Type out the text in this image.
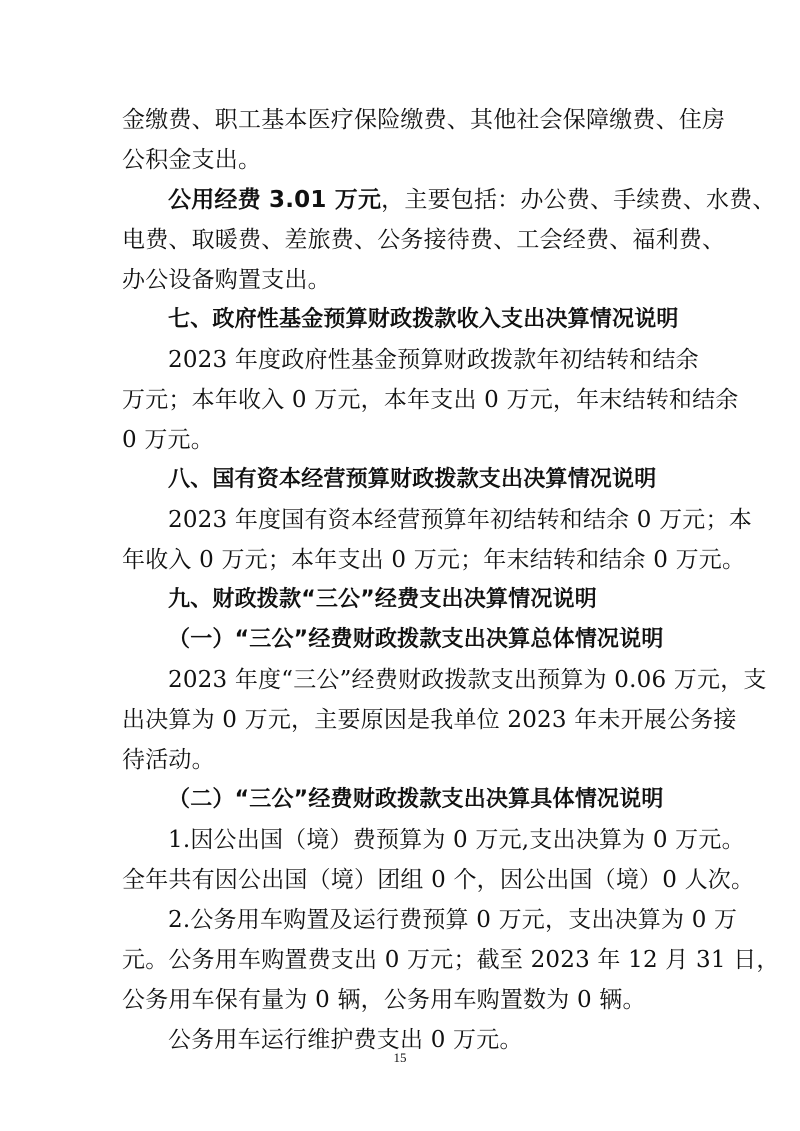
金缴费、职工基本医疗保险缴费、其他社会保障缴费、住房
公积金支出。
公用经费 3.01 万元，主要包括：办公费、手续费、水费、
电费、取暖费、差旅费、公务接待费、工会经费、福利费、
办公设备购置支出。
七、政府性基金预算财政拨款收入支出决算情况说明
2023 年度政府性基金预算财政拨款年初结转和结余
万元；本年收入 0 万元，本年支出 0 万元，年末结转和结余
0 万元。
八、国有资本经营预算财政拨款支出决算情况说明
2023 年度国有资本经营预算年初结转和结余 0 万元；本
年收入 0 万元；本年支出 0 万元；年末结转和结余 0 万元。
九、财政拨款“三公”经费支出决算情况说明
（一）“三公”经费财政拨款支出决算总体情况说明
2023 年度“三公”经费财政拨款支出预算为 0.06 万元，支
出决算为 0 万元，主要原因是我单位 2023 年未开展公务接
待活动。
（二）“三公”经费财政拨款支出决算具体情况说明
1.因公出国（境）费预算为 0 万元,支出决算为 0 万元。
全年共有因公出国（境）团组 0 个，因公出国（境）0 人次。
2.公务用车购置及运行费预算 0 万元，支出决算为 0 万
元。公务用车购置费支出 0 万元；截至 2023 年 12 月 31 日，
公务用车保有量为 0 辆，公务用车购置数为 0 辆。
公务用车运行维护费支出 0 万元。
15
